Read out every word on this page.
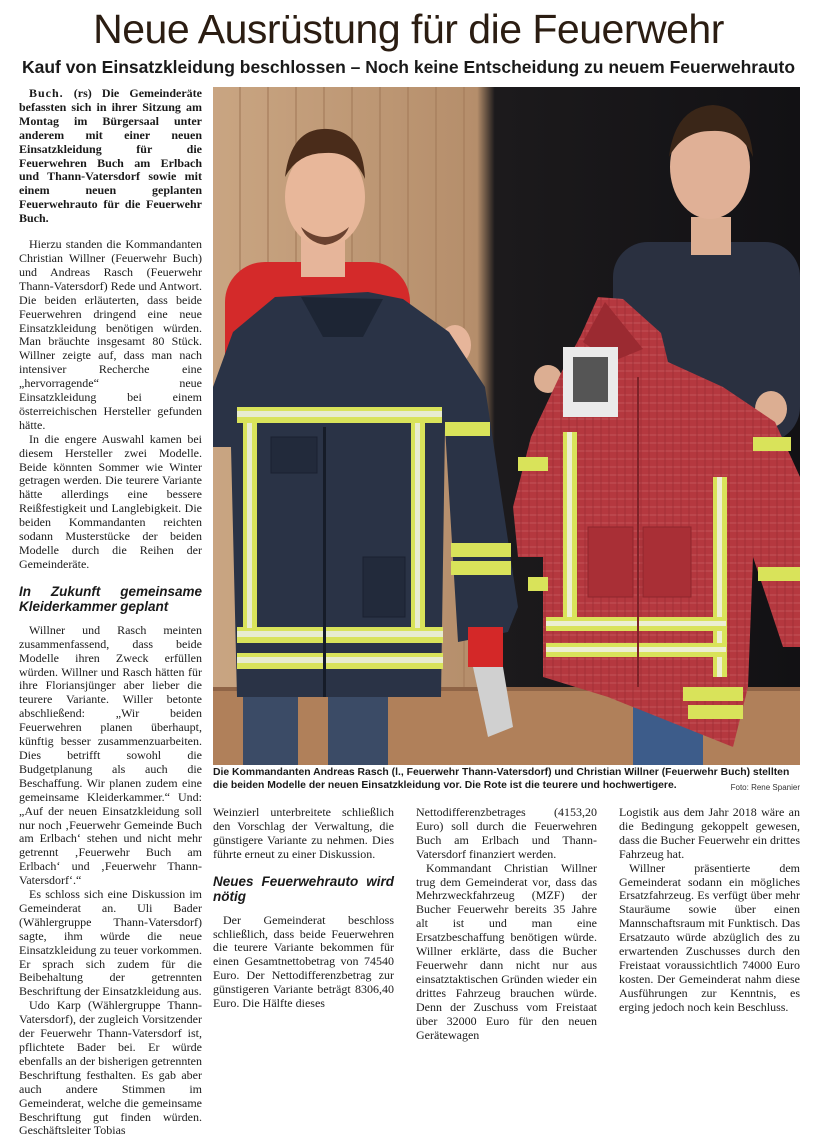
Neue Ausrüstung für die Feuerwehr
Kauf von Einsatzkleidung beschlossen – Noch keine Entscheidung zu neuem Feuerwehrauto

Buch. (rs) Die Gemeinderäte befassten sich in ihrer Sitzung am Montag im Bürgersaal unter anderem mit einer neuen Einsatzkleidung für die Feuerwehren Buch am Erlbach und Thann-Vatersdorf sowie mit einem neuen geplanten Feuerwehrauto für die Feuerwehr Buch.

Hierzu standen die Kommandanten Christian Willner (Feuerwehr Buch) und Andreas Rasch (Feuerwehr Thann-Vatersdorf) Rede und Antwort. Die beiden erläuterten, dass beide Feuerwehren dringend eine neue Einsatzkleidung benötigen würden. Man bräuchte insgesamt 80 Stück. Willner zeigte auf, dass man nach intensiver Recherche eine „hervorragende“ neue Einsatzkleidung bei einem österreichischen Hersteller gefunden hätte.

In die engere Auswahl kamen bei diesem Hersteller zwei Modelle. Beide könnten Sommer wie Winter getragen werden. Die teurere Variante hätte allerdings eine bessere Reißfestigkeit und Langlebigkeit. Die beiden Kommandanten reichten sodann Musterstücke der beiden Modelle durch die Reihen der Gemeinderäte.

In Zukunft gemeinsame Kleiderkammer geplant

Willner und Rasch meinten zusammenfassend, dass beide Modelle ihren Zweck erfüllen würden. Willner und Rasch hätten für ihre Floriansjünger aber lieber die teurere Variante. Willer betonte abschließend: „Wir beiden Feuerwehren planen überhaupt, künftig besser zusammenzuarbeiten. Dies betrifft sowohl die Budgetplanung als auch die Beschaffung. Wir planen zudem eine gemeinsame Kleiderkammer.“ Und: „Auf der neuen Einsatzkleidung soll nur noch ‚Feuerwehr Gemeinde Buch am Erlbach‘ stehen und nicht mehr getrennt ‚Feuerwehr Buch am Erlbach‘ und ‚Feuerwehr Thann-Vatersdorf‘.“

Es schloss sich eine Diskussion im Gemeinderat an. Uli Bader (Wählergruppe Thann-Vatersdorf) sagte, ihm würde die neue Einsatzkleidung zu teuer vorkommen. Er sprach sich zudem für die Beibehaltung der getrennten Beschriftung der Einsatzkleidung aus.

Udo Karp (Wählergruppe Thann-Vatersdorf), der zugleich Vorsitzender der Feuerwehr Thann-Vatersdorf ist, pflichtete Bader bei. Er würde ebenfalls an der bisherigen getrennten Beschriftung festhalten. Es gab aber auch andere Stimmen im Gemeinderat, welche die gemeinsame Beschriftung gut finden würden. Geschäftsleiter Tobias

Die Kommandanten Andreas Rasch (l., Feuerwehr Thann-Vatersdorf) und Christian Willner (Feuerwehr Buch) stellten die beiden Modelle der neuen Einsatzkleidung vor. Die Rote ist die teurere und hochwertigere.	Foto: Rene Spanier

Weinzierl unterbreitete schließlich den Vorschlag der Verwaltung, die günstigere Variante zu nehmen. Dies führte erneut zu einer Diskussion.

Neues Feuerwehrauto wird nötig

Der Gemeinderat beschloss schließlich, dass beide Feuerwehren die teurere Variante bekommen für einen Gesamtnettobetrag von 74540 Euro. Der Nettodifferenzbetrag zur günstigeren Variante beträgt 8306,40 Euro. Die Hälfte dieses

Nettodifferenzbetrages (4153,20 Euro) soll durch die Feuerwehren Buch am Erlbach und Thann-Vatersdorf finanziert werden.

Kommandant Christian Willner trug dem Gemeinderat vor, dass das Mehrzweckfahrzeug (MZF) der Bucher Feuerwehr bereits 35 Jahre alt ist und man eine Ersatzbeschaffung benötigen würde. Willner erklärte, dass die Bucher Feuerwehr dann nicht nur aus einsatztaktischen Gründen wieder ein drittes Fahrzeug brauchen würde. Denn der Zuschuss vom Freistaat über 32000 Euro für den neuen Gerätewagen

Logistik aus dem Jahr 2018 wäre an die Bedingung gekoppelt gewesen, dass die Bucher Feuerwehr ein drittes Fahrzeug hat.

Willner präsentierte dem Gemeinderat sodann ein mögliches Ersatzfahrzeug. Es verfügt über mehr Stauräume sowie über einen Mannschaftsraum mit Funktisch. Das Ersatzauto würde abzüglich des zu erwartenden Zuschusses durch den Freistaat voraussichtlich 74000 Euro kosten. Der Gemeinderat nahm diese Ausführungen zur Kenntnis, es erging jedoch noch kein Beschluss.
